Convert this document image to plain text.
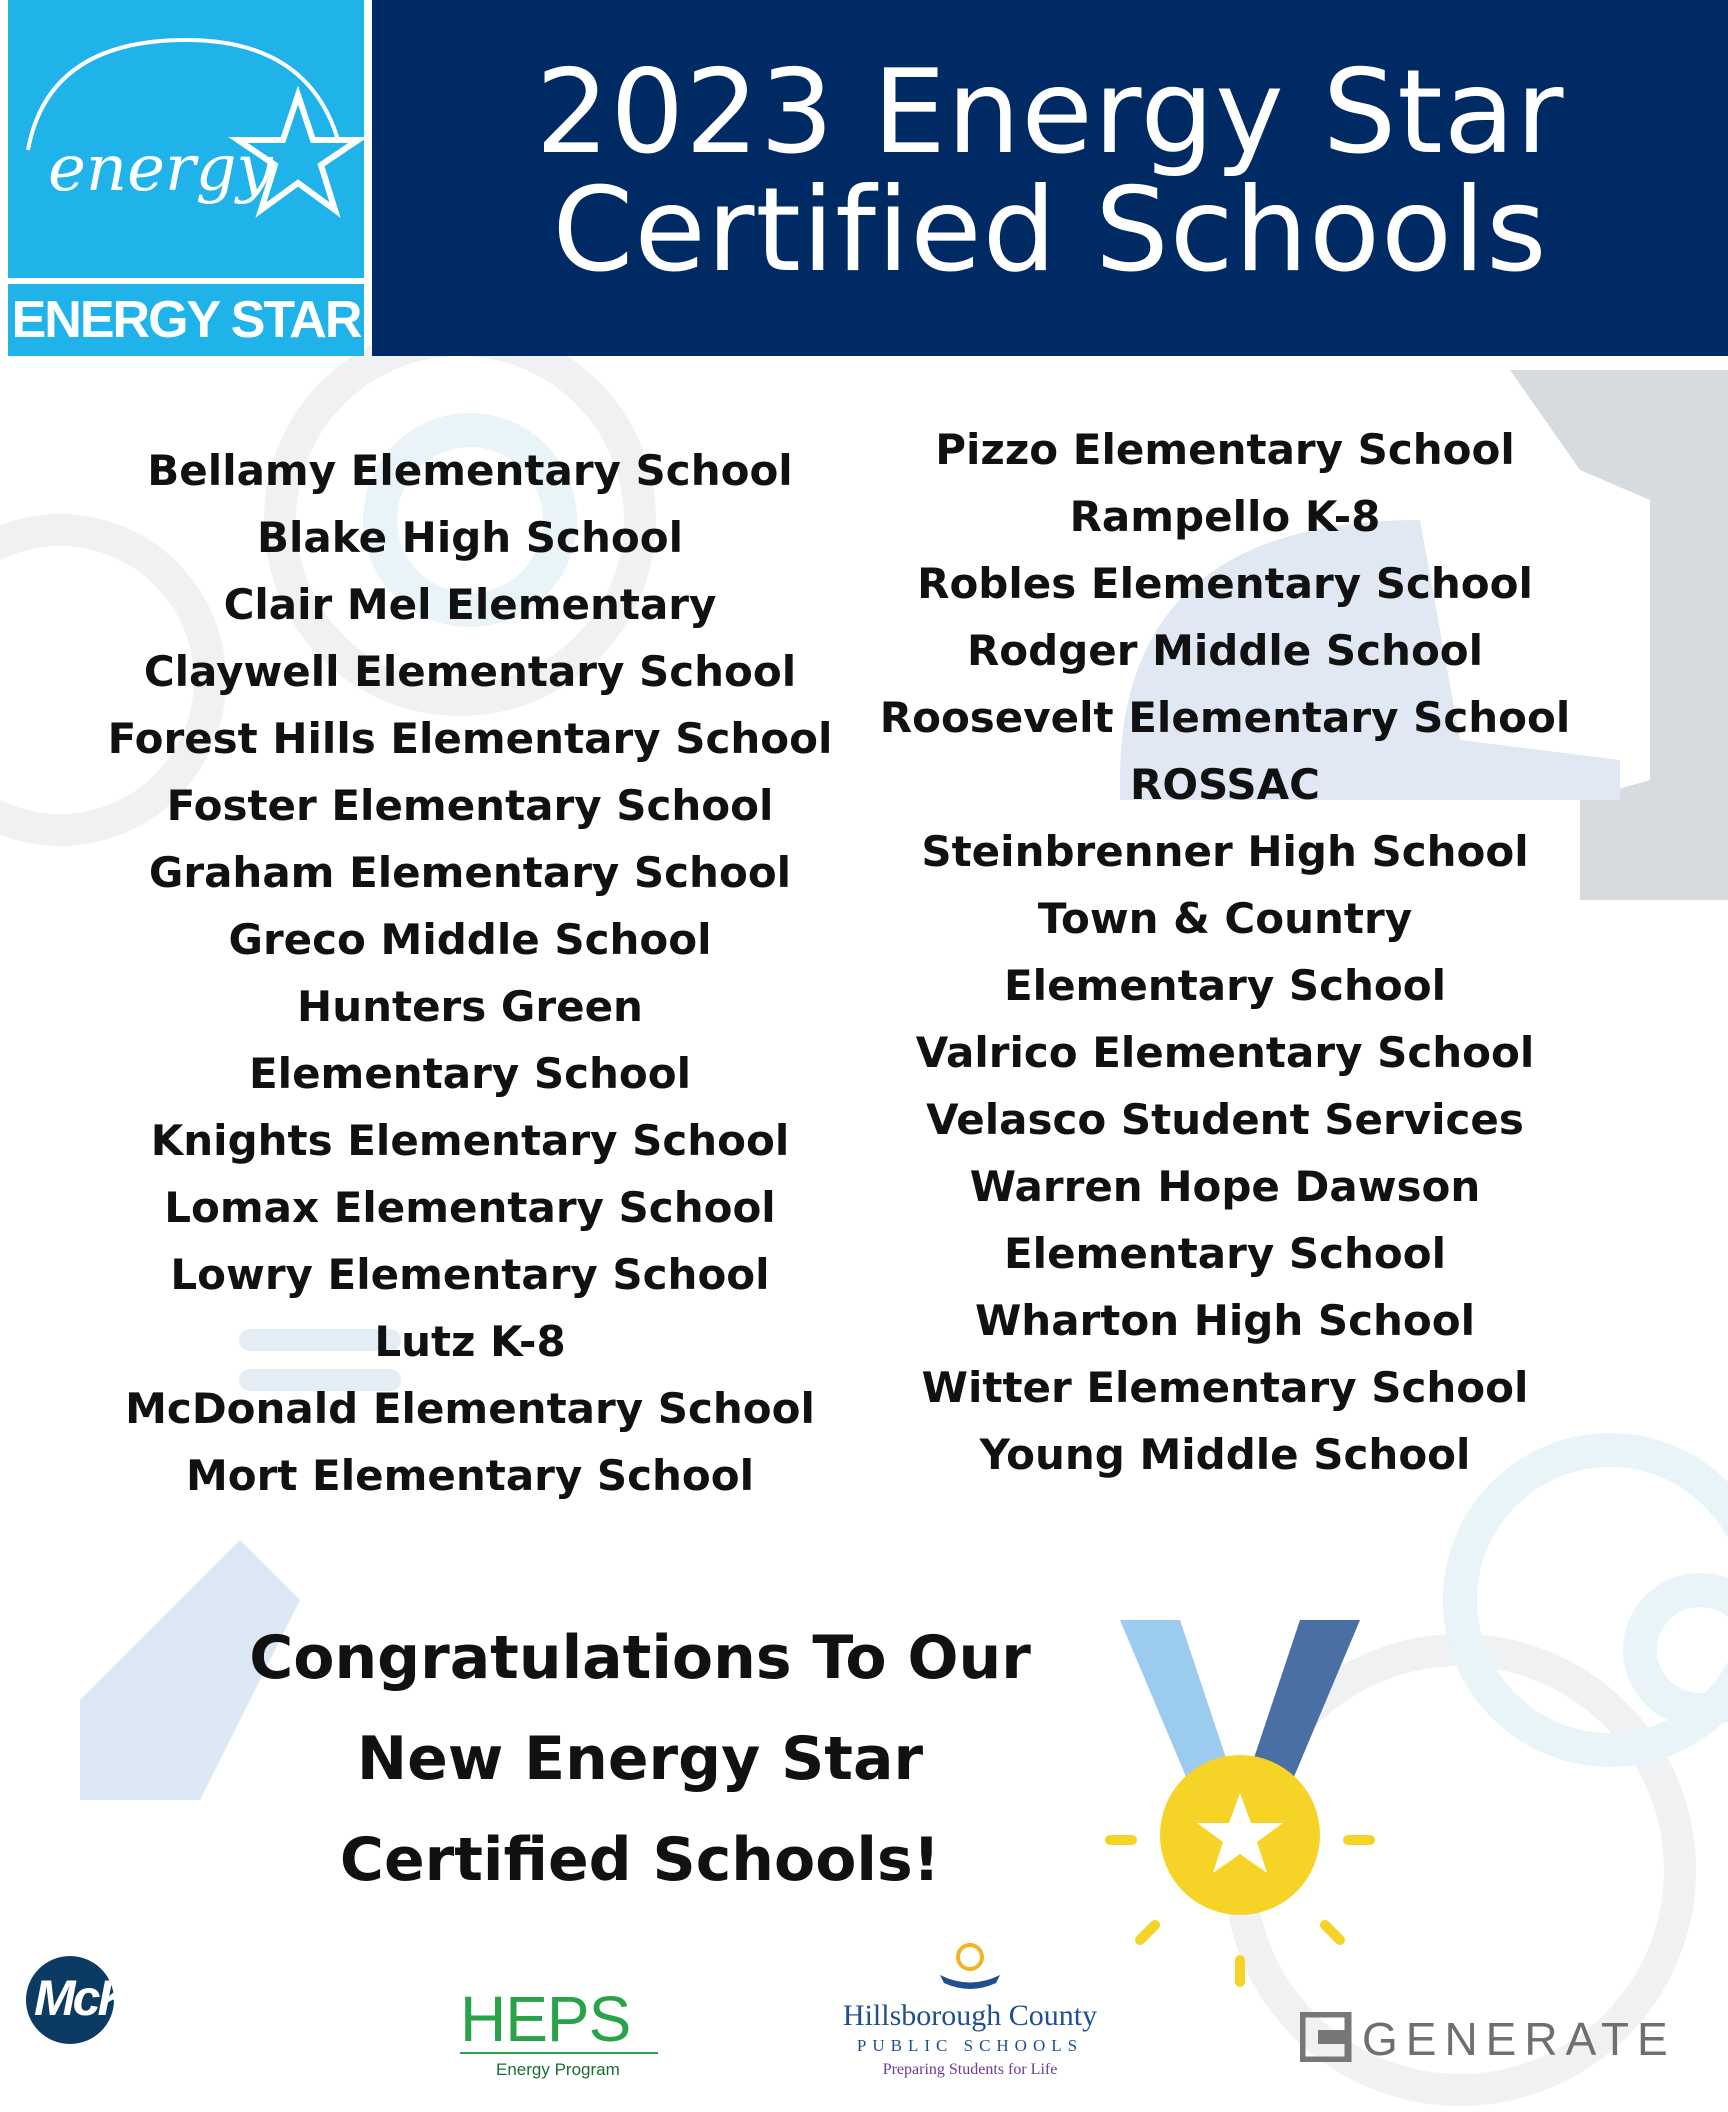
energy
ENERGY STAR
2023 Energy Star
Certified Schools
Bellamy Elementary School
Blake High School
Clair Mel Elementary
Claywell Elementary School
Forest Hills Elementary School
Foster Elementary School
Graham Elementary School
Greco Middle School
Hunters Green Elementary School
Knights Elementary School
Lomax Elementary School
Lowry Elementary School
Lutz K-8
McDonald Elementary School
Mort Elementary School
Pizzo Elementary School
Rampello K-8
Robles Elementary School
Rodger Middle School
Roosevelt Elementary School
ROSSAC
Steinbrenner High School
Town & Country Elementary School
Valrico Elementary School
Velasco Student Services
Warren Hope Dawson Elementary School
Wharton High School
Witter Elementary School
Young Middle School
Congratulations To Our
New Energy Star
Certified Schools!
McKinstry	HEPS
Energy Program
Hillsborough County
PUBLIC SCHOOLS
Preparing Students for Life
GENERATE
